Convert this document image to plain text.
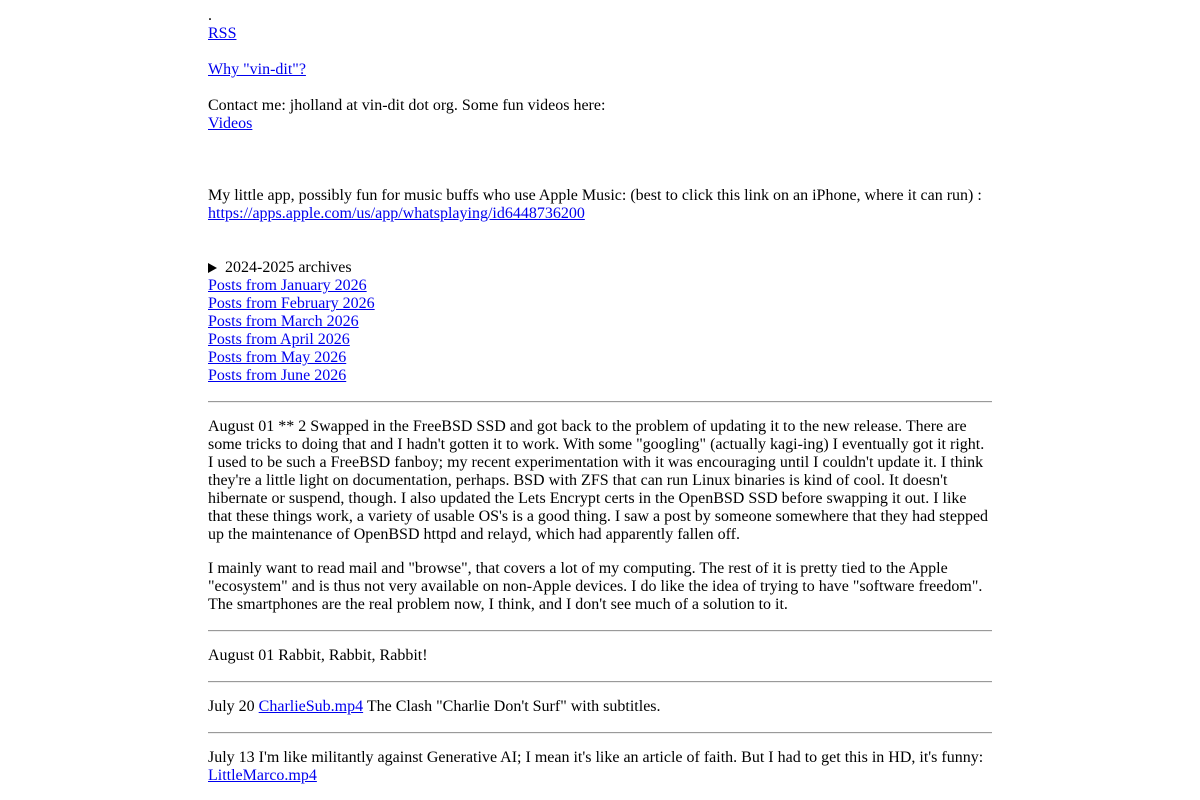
.
RSS
Why "vin-dit"?
Contact me: jholland at vin-dit dot org. Some fun videos here:
Videos
My little app, possibly fun for music buffs who use Apple Music: (best to click this link on an iPhone, where it can run) :
https://apps.apple.com/us/app/whatsplaying/id6448736200
2024-2025 archives
Posts from January 2026
Posts from February 2026
Posts from March 2026
Posts from April 2026
Posts from May 2026
Posts from June 2026

August 01 ** 2 Swapped in the FreeBSD SSD and got back to the problem of updating it to the new release. There are some tricks to doing that and I hadn't gotten it to work. With some "googling" (actually kagi-ing) I eventually got it right. I used to be such a FreeBSD fanboy; my recent experimentation with it was encouraging until I couldn't update it. I think they're a little light on documentation, perhaps. BSD with ZFS that can run Linux binaries is kind of cool. It doesn't hibernate or suspend, though. I also updated the Lets Encrypt certs in the OpenBSD SSD before swapping it out. I like that these things work, a variety of usable OS's is a good thing. I saw a post by someone somewhere that they had stepped up the maintenance of OpenBSD httpd and relayd, which had apparently fallen off.

I mainly want to read mail and "browse", that covers a lot of my computing. The rest of it is pretty tied to the Apple "ecosystem" and is thus not very available on non-Apple devices. I do like the idea of trying to have "software freedom". The smartphones are the real problem now, I think, and I don't see much of a solution to it.

August 01 Rabbit, Rabbit, Rabbit!
July 20 CharlieSub.mp4 The Clash "Charlie Don't Surf" with subtitles.
July 13 I'm like militantly against Generative AI; I mean it's like an article of faith. But I had to get this in HD, it's funny:
LittleMarco.mp4
